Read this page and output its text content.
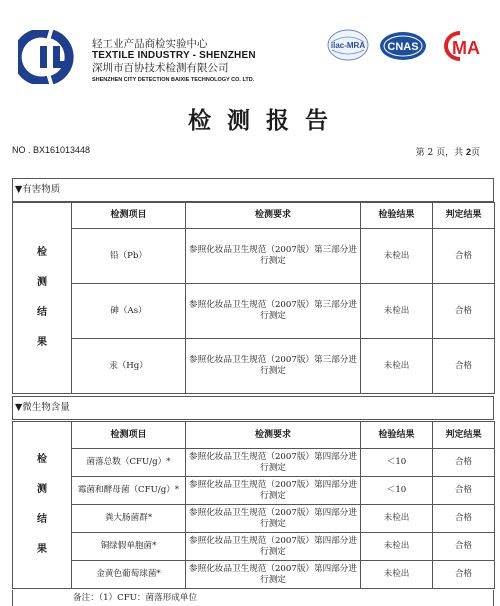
轻工业产品商检实验中心
TEXTILE INDUSTRY - SHENZHEN
深圳市百协技术检测有限公司
SHENZHEN CITY DETECTION BAIXIE TECHNOLOGY CO. LTD.
ilac-MRA CNAS MA
检测报告
NO . BX161013448	第 2 页，共 2页
▼有害物质
检
测
结
果	检测项目	检测要求	检验结果	判定结果
	铅（Pb）	参照化妆品卫生规范（2007版）第三部分进行测定	未检出	合格
	砷（As）	参照化妆品卫生规范（2007版）第三部分进行测定	未检出	合格
	汞（Hg）	参照化妆品卫生规范（2007版）第三部分进行测定	未检出	合格
▼微生物含量
检
测
结
果	检测项目	检测要求	检验结果	判定结果
	菌落总数（CFU/g）*	参照化妆品卫生规范（2007版）第四部分进行测定	＜10	合格
	霉菌和酵母菌（CFU/g）*	参照化妆品卫生规范（2007版）第四部分进行测定	＜10	合格
	粪大肠菌群*	参照化妆品卫生规范（2007版）第四部分进行测定	未检出	合格
	铜绿假单胞菌*	参照化妆品卫生规范（2007版）第四部分进行测定	未检出	合格
	金黄色葡萄球菌*	参照化妆品卫生规范（2007版）第四部分进行测定	未检出	合格
备注：（1）CFU：菌落形成单位
